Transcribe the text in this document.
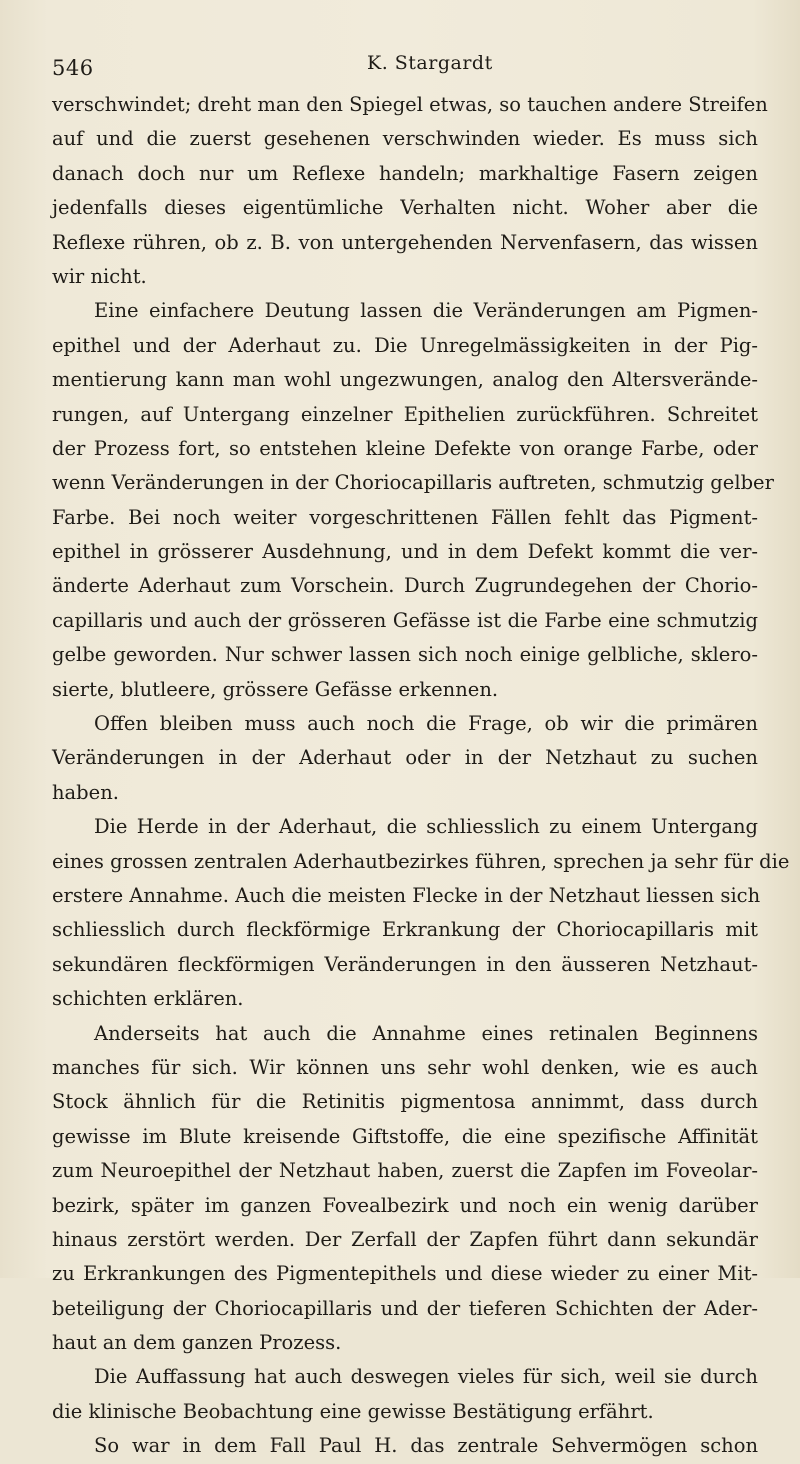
546	K. Stargardt
verschwindet; dreht man den Spiegel etwas, so tauchen andere Streifen
auf und die zuerst gesehenen verschwinden wieder. Es muss sich
danach doch nur um Reflexe handeln; markhaltige Fasern zeigen
jedenfalls dieses eigentümliche Verhalten nicht. Woher aber die
Reflexe rühren, ob z. B. von untergehenden Nervenfasern, das wissen
wir nicht.
Eine einfachere Deutung lassen die Veränderungen am Pigmen-
epithel und der Aderhaut zu. Die Unregelmässigkeiten in der Pig-
mentierung kann man wohl ungezwungen, analog den Altersverände-
rungen, auf Untergang einzelner Epithelien zurückführen. Schreitet
der Prozess fort, so entstehen kleine Defekte von orange Farbe, oder
wenn Veränderungen in der Choriocapillaris auftreten, schmutzig gelber
Farbe. Bei noch weiter vorgeschrittenen Fällen fehlt das Pigment-
epithel in grösserer Ausdehnung, und in dem Defekt kommt die ver-
änderte Aderhaut zum Vorschein. Durch Zugrundegehen der Chorio-
capillaris und auch der grösseren Gefässe ist die Farbe eine schmutzig
gelbe geworden. Nur schwer lassen sich noch einige gelbliche, sklero-
sierte, blutleere, grössere Gefässe erkennen.
Offen bleiben muss auch noch die Frage, ob wir die primären
Veränderungen in der Aderhaut oder in der Netzhaut zu suchen
haben.
Die Herde in der Aderhaut, die schliesslich zu einem Untergang
eines grossen zentralen Aderhautbezirkes führen, sprechen ja sehr für die
erstere Annahme. Auch die meisten Flecke in der Netzhaut liessen sich
schliesslich durch fleckförmige Erkrankung der Choriocapillaris mit
sekundären fleckförmigen Veränderungen in den äusseren Netzhaut-
schichten erklären.
Anderseits hat auch die Annahme eines retinalen Beginnens
manches für sich. Wir können uns sehr wohl denken, wie es auch
Stock ähnlich für die Retinitis pigmentosa annimmt, dass durch
gewisse im Blute kreisende Giftstoffe, die eine spezifische Affinität
zum Neuroepithel der Netzhaut haben, zuerst die Zapfen im Foveolar-
bezirk, später im ganzen Fovealbezirk und noch ein wenig darüber
hinaus zerstört werden. Der Zerfall der Zapfen führt dann sekundär
zu Erkrankungen des Pigmentepithels und diese wieder zu einer Mit-
beteiligung der Choriocapillaris und der tieferen Schichten der Ader-
haut an dem ganzen Prozess.
Die Auffassung hat auch deswegen vieles für sich, weil sie durch
die klinische Beobachtung eine gewisse Bestätigung erfährt.
So war in dem Fall Paul H. das zentrale Sehvermögen schon
